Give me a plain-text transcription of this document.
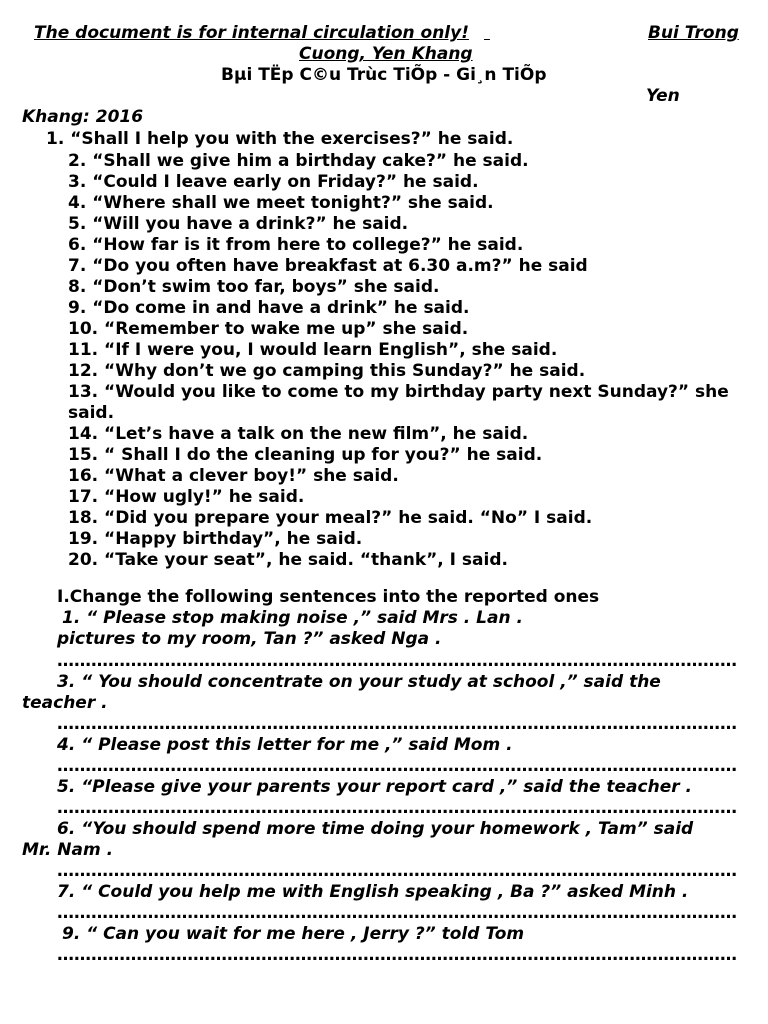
The document is for internal circulation only!
	Bui Trong
Cuong, Yen Khang
Bµi TËp C©u Trùc TiÕp - Gi¸n TiÕp
Yen
Khang: 2016
1. “Shall I help you with the exercises?” he said.
2. “Shall we give him a birthday cake?” he said.
3. “Could I leave early on Friday?” he said.
4. “Where shall we meet tonight?” she said.
5. “Will you have a drink?” he said.
6. “How far is it from here to college?” he said.
7. “Do you often have breakfast at 6.30 a.m?” he said
8. “Don’t swim too far, boys” she said.
9. “Do come in and have a drink” he said.
10. “Remember to wake me up” she said.
11. “If I were you, I would learn English”, she said.
12. “Why don’t we go camping this Sunday?” he said.
13. “Would you like to come to my birthday party next Sunday?” she
said.
14. “Let’s have a talk on the new film”, he said.
15. “ Shall I do the cleaning up for you?” he said.
16. “What a clever boy!” she said.
17. “How ugly!” he said.
18. “Did you prepare your meal?” he said. “No” I said.
19. “Happy birthday”, he said.
20. “Take your seat”, he said. “thank”, I said.
I.Change the following sentences into the reported ones
1. “ Please stop making noise ,” said Mrs . Lan .
pictures to my room, Tan ?” asked Nga .
…………………………………………………………………………………………………………
3. “ You should concentrate on your study at school ,” said the
teacher .
…………………………………………………………………………………………………………
4. “ Please post this letter for me ,” said Mom .
…………………………………………………………………………………………………………
5. “Please give your parents your report card ,” said the teacher .
…………………………………………………………………………………………………………
6. “You should spend more time doing your homework , Tam” said
Mr. Nam .
…………………………………………………………………………………………………………
7. “ Could you help me with English speaking , Ba ?” asked Minh .
…………………………………………………………………………………………………………
9. “ Can you wait for me here , Jerry ?” told Tom
…………………………………………………………………………………………………………
